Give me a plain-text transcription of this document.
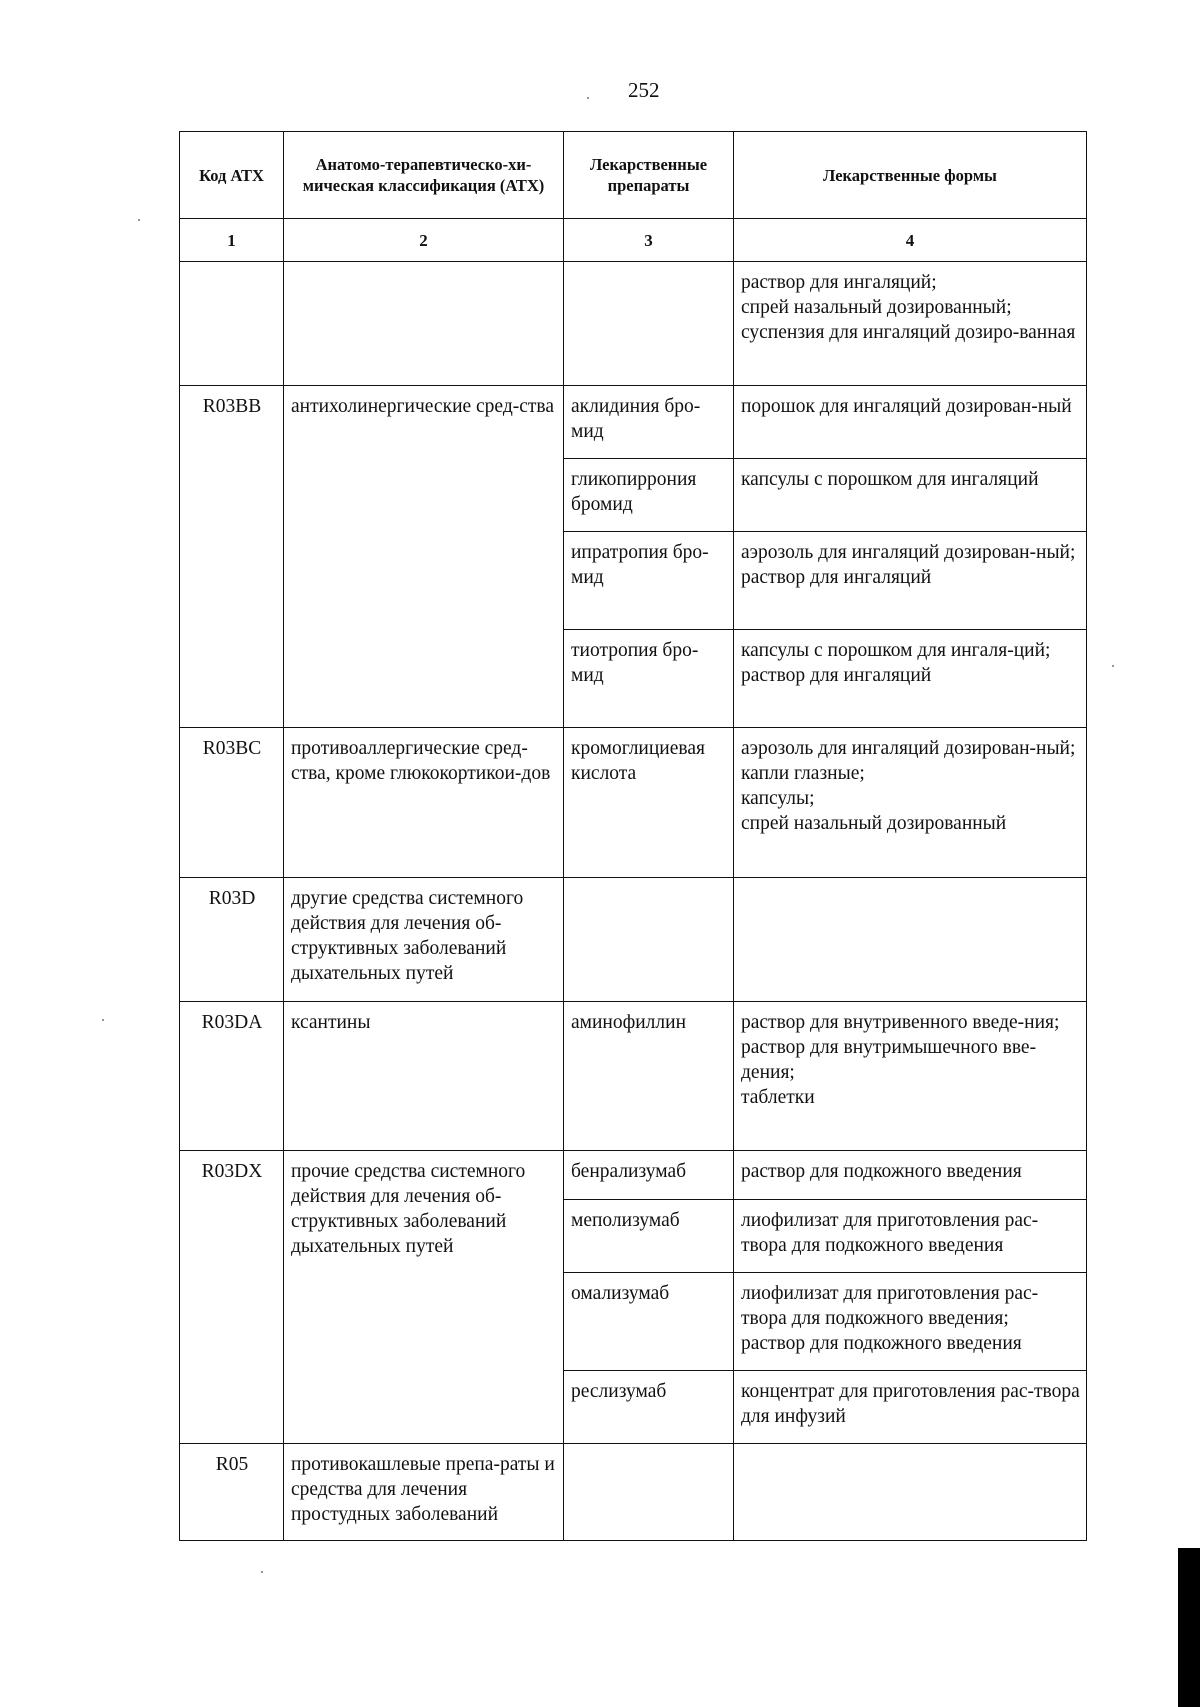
252
Код АТХ	Анатомо-терапевтическо-хи-мическая классификация (АТХ)	Лекарственные препараты	Лекарственные формы
1	2	3	4

			раствор для ингаляций;
спрей назальный дозированный;
суспензия для ингаляций дозиро-ванная

R03BB	антихолинергические сред-ства	аклидиния бро-мид	порошок для ингаляций дозирован-ный

		гликопиррония бромид	капсулы с порошком для ингаляций

		ипратропия бро-мид	аэрозоль для ингаляций дозирован-ный;
раствор для ингаляций

		тиотропия бро-мид	капсулы с порошком для ингаля-ций;
раствор для ингаляций

R03BC	противоаллергические сред-ства, кроме глюкокортикои-дов	кромоглициевая кислота	аэрозоль для ингаляций дозирован-ный;
капли глазные;
капсулы;
спрей назальный дозированный

R03D	другие средства системного действия для лечения об-структивных заболеваний дыхательных путей		
R03DA	ксантины	аминофиллин	раствор для внутривенного введе-ния;
раствор для внутримышечного вве-дения;
таблетки

R03DX	прочие средства системного действия для лечения об-структивных заболеваний дыхательных путей	бенрализумаб	раствор для подкожного введения

		меполизумаб	лиофилизат для приготовления рас-твора для подкожного введения

		омализумаб	лиофилизат для приготовления рас-твора для подкожного введения;
раствор для подкожного введения

		реслизумаб	концентрат для приготовления рас-твора для инфузий

R05	противокашлевые препа-раты и средства для лечения простудных заболеваний		
